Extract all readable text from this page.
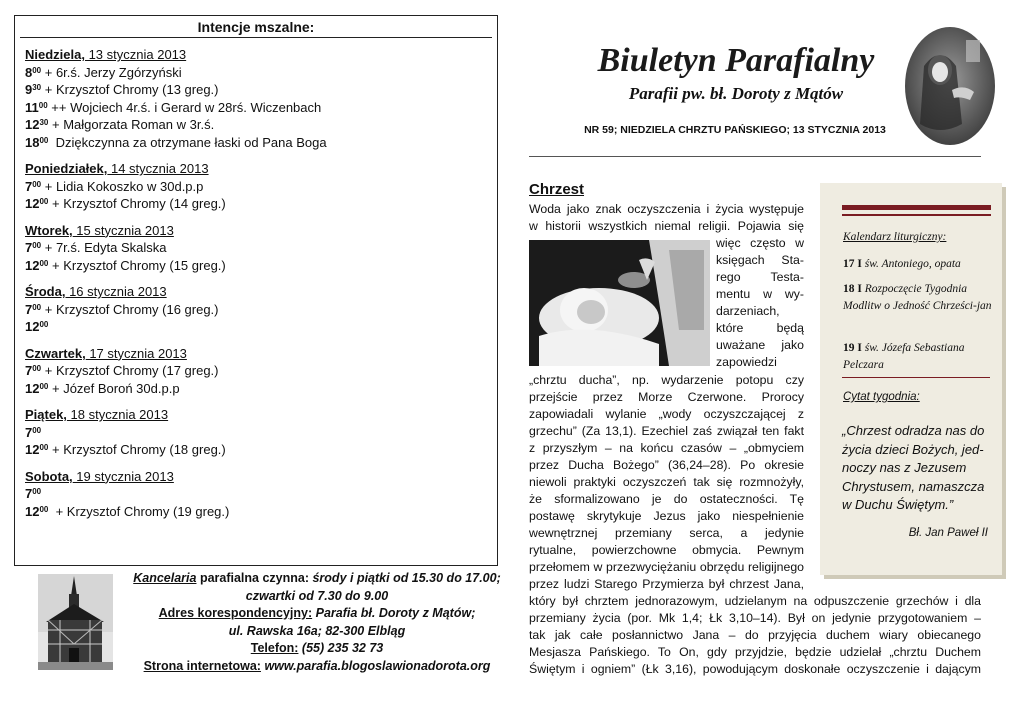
Intencje mszalne:
Niedziela, 13 stycznia 2013
$8^{00}$ + 6r.ś. Jerzy Zgórzyński
$9^{30}$ + Krzysztof Chromy (13 greg.)
$11^{00}$ ++ Wojciech 4r.ś. i Gerard w 28rś. Wiczenbach
$12^{30}$ + Małgorzata Roman w 3r.ś.
$18^{00}$  Dziękczynna za otrzymane łaski od Pana Boga
Poniedziałek, 14 stycznia 2013
$7^{00}$ + Lidia Kokoszko w 30d.p.p
$12^{00}$ + Krzysztof Chromy (14 greg.)
Wtorek, 15 stycznia 2013
$7^{00}$ + 7r.ś. Edyta Skalska
$12^{00}$ + Krzysztof Chromy (15 greg.)
Środa, 16 stycznia 2013
$7^{00}$ + Krzysztof Chromy (16 greg.)
$12^{00}$
Czwartek, 17 stycznia 2013
$7^{00}$ + Krzysztof Chromy (17 greg.)
$12^{00}$ + Józef Boroń 30d.p.p
Piątek, 18 stycznia 2013
$7^{00}$
$12^{00}$ + Krzysztof Chromy (18 greg.)
Sobota, 19 stycznia 2013
$7^{00}$
$12^{00}$  + Krzysztof Chromy (19 greg.)
Kancelaria parafialna czynna: środy i piątki od 15.30 do 17.00;
czwartki od 7.30 do 9.00
Adres korespondencyjny: Parafia bł. Doroty z Mątów;
ul. Rawska 16a; 82-300 Elbląg
Telefon: (55) 235 32 73
Strona internetowa: www.parafia.blogoslawionadorota.org
Biuletyn Parafialny
Parafii pw. bł. Doroty z Mątów
NR 59; NIEDZIELA CHRZTU PAŃSKIEGO; 13 STYCZNIA 2013
Chrzest
Woda jako znak oczyszczenia i życia występuje
w historii wszystkich niemal religii. Pojawia się
więc często w
księgach Sta-
rego Testa-
mentu w wy-
darzeniach,
które będą
uważane jako
zapowiedzi
„chrztu ducha”, np. wydarzenie potopu czy
przejście przez Morze Czerwone. Prorocy
zapowiadali wylanie „wody oczyszczającej z
grzechu” (Za 13,1). Ezechiel zaś związał ten fakt
z przyszłym – na końcu czasów – „obmyciem
przez Ducha Bożego” (36,24–28). Po okresie
niewoli praktyki oczyszczeń tak się rozmnożyły,
że sformalizowano je do ostateczności. Tę
postawę skrytykuje Jezus jako niespełnienie
wewnętrznej przemiany serca, a jedynie
rytualne, powierzchowne obmycia. Pewnym
przełomem w przezwyciężaniu obrzędu religijnego
przez ludzi Starego Przymierza był chrzest Jana,
który był chrztem jednorazowym, udzielanym na odpuszczenie grzechów i dla
przemiany życia (por. Mk 1,4; Łk 3,10–14). Był on jedynie przygotowaniem –
tak jak całe posłannictwo Jana – do przyjęcia duchem wiary obiecanego
Mesjasza Pańskiego. To On, gdy przyjdzie, będzie udzielał „chrztu Duchem
Świętym i ogniem” (Łk 3,16), powodującym doskonałe oczyszczenie i dającym
Kalendarz liturgiczny:
17 I św. Antoniego, opata
18 I Rozpoczęcie Tygodnia Modlitw o Jedność Chrześci-jan
19 I św. Józefa Sebastiana Pelczara
Cytat tygodnia:
„Chrzest odradza nas do życia dzieci Bożych, jed-noczy nas z Jezusem Chrystusem, namaszcza w Duchu Świętym.”
Bł. Jan Paweł II
